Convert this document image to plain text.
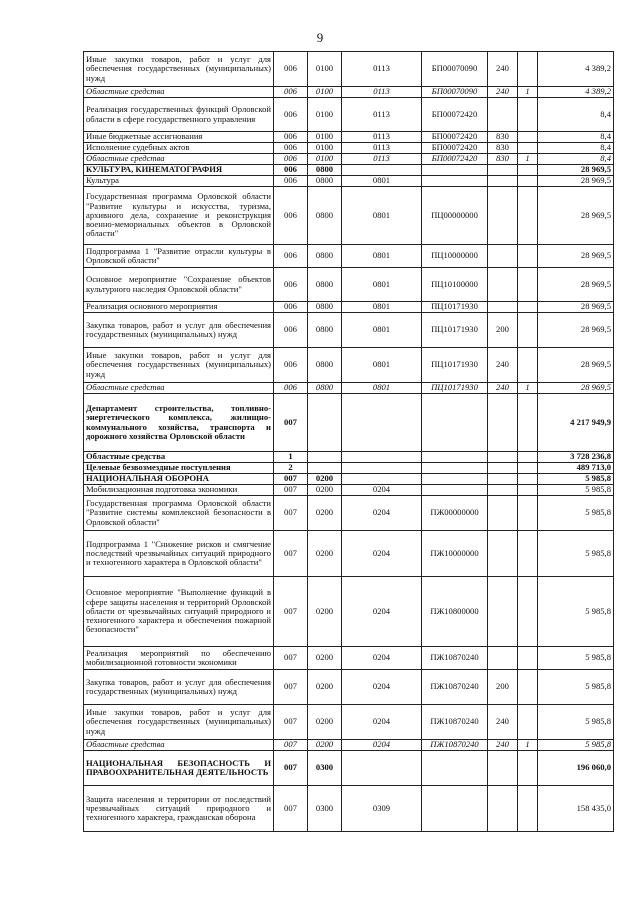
9
Иные закупки товаров, работ и услуг для обеспечения государственных (муниципальных) нужд	006	0100	0113	БП00070090	240		4 389,2
Областные средства	006	0100	0113	БП00070090	240	1	4 389,2
Реализация государственных функций Орловской области в сфере государственного управления	006	0100	0113	БП00072420			8,4
Иные бюджетные ассигнования	006	0100	0113	БП00072420	830		8,4
Исполнение судебных актов	006	0100	0113	БП00072420	830		8,4
Областные средства	006	0100	0113	БП00072420	830	1	8,4
КУЛЬТУРА, КИНЕМАТОГРАФИЯ	006	0800					28 969,5
Культура	006	0800	0801				28 969,5
Государственная программа Орловской области "Развитие культуры и искусства, туризма, архивного дела, сохранение и реконструкция военно-мемориальных объектов в Орловской области"	006	0800	0801	ПЦ00000000			28 969,5
Подпрограмма 1 "Развитие отрасли культуры в Орловской области"	006	0800	0801	ПЦ10000000			28 969,5
Основное мероприятие "Сохранение объектов культурного наследия Орловской области"	006	0800	0801	ПЦ10100000			28 969,5
Реализация основного мероприятия	006	0800	0801	ПЦ10171930			28 969,5
Закупка товаров, работ и услуг для обеспечения государственных (муниципальных) нужд	006	0800	0801	ПЦ10171930	200		28 969,5
Иные закупки товаров, работ и услуг для обеспечения государственных (муниципальных) нужд	006	0800	0801	ПЦ10171930	240		28 969,5
Областные средства	006	0800	0801	ПЦ10171930	240	1	28 969,5
Департамент строительства, топливно-энергетического комплекса, жилищно-коммунального хозяйства, транспорта и дорожного хозяйства Орловской области	007						4 217 949,9
Областные средства	1						3 728 236,8
Целевые безвозмездные поступления	2						489 713,0
НАЦИОНАЛЬНАЯ ОБОРОНА	007	0200					5 985,8
Мобилизационная подготовка экономики	007	0200	0204				5 985,8
Государственная программа Орловской области "Развитие системы комплексной безопасности в Орловской области"	007	0200	0204	ПЖ00000000			5 985,8
Подпрограмма 1 "Снижение рисков и смягчение последствий чрезвычайных ситуаций природного и техногенного характера в Орловской области"	007	0200	0204	ПЖ10000000			5 985,8
Основное мероприятие "Выполнение функций в сфере защиты населения и территорий Орловской области от чрезвычайных ситуаций природного и техногенного характера и обеспечения пожарной безопасности"	007	0200	0204	ПЖ10800000			5 985,8
Реализация мероприятий по обеспечению мобилизационной готовности экономики	007	0200	0204	ПЖ10870240			5 985,8
Закупка товаров, работ и услуг для обеспечения государственных (муниципальных) нужд	007	0200	0204	ПЖ10870240	200		5 985,8
Иные закупки товаров, работ и услуг для обеспечения государственных (муниципальных) нужд	007	0200	0204	ПЖ10870240	240		5 985,8
Областные средства	007	0200	0204	ПЖ10870240	240	1	5 985,8
НАЦИОНАЛЬНАЯ БЕЗОПАСНОСТЬ И ПРАВООХРАНИТЕЛЬНАЯ ДЕЯТЕЛЬНОСТЬ	007	0300					196 060,0
Защита населения и территории от последствий чрезвычайных ситуаций природного и техногенного характера, гражданская оборона	007	0300	0309				158 435,0
